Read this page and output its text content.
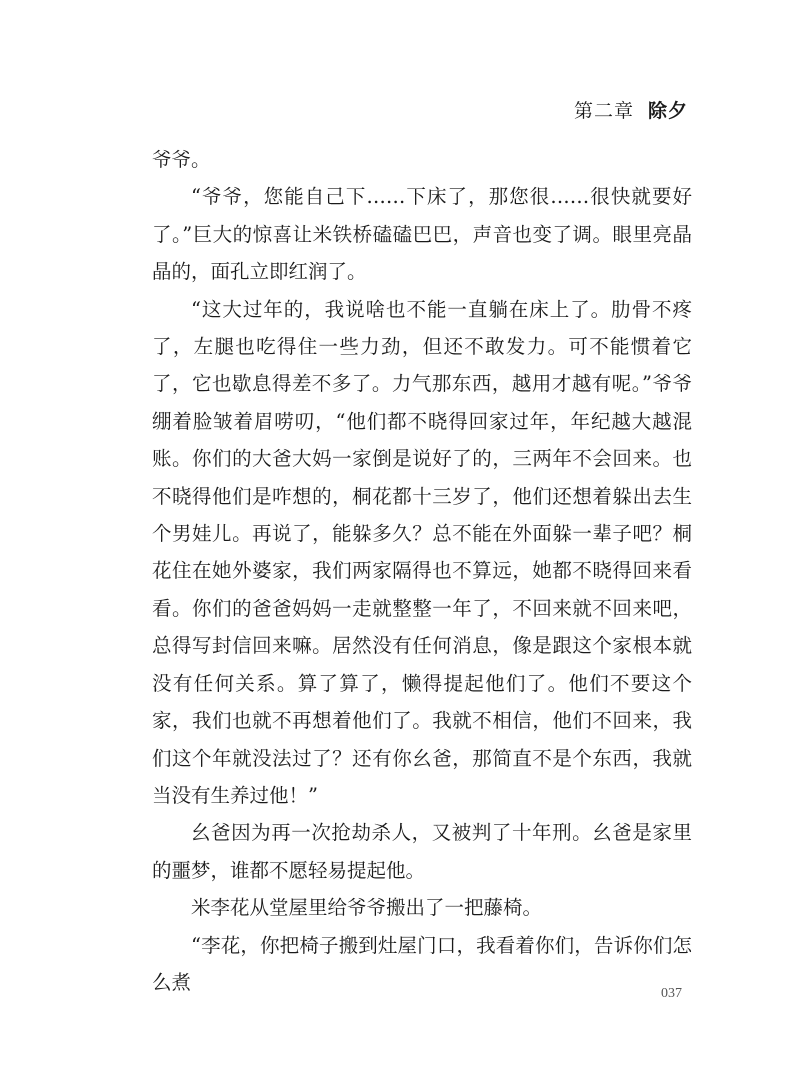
第二章 除夕

爷爷。

“爷爷，您能自己下……下床了，那您很……很快就要好了。”巨大的惊喜让米铁桥磕磕巴巴，声音也变了调。眼里亮晶晶的，面孔立即红润了。

“这大过年的，我说啥也不能一直躺在床上了。肋骨不疼了，左腿也吃得住一些力劲，但还不敢发力。可不能惯着它了，它也歇息得差不多了。力气那东西，越用才越有呢。”爷爷绷着脸皱着眉唠叨，“他们都不晓得回家过年，年纪越大越混账。你们的大爸大妈一家倒是说好了的，三两年不会回来。也不晓得他们是咋想的，桐花都十三岁了，他们还想着躲出去生个男娃儿。再说了，能躲多久？总不能在外面躲一辈子吧？桐花住在她外婆家，我们两家隔得也不算远，她都不晓得回来看看。你们的爸爸妈妈一走就整整一年了，不回来就不回来吧，总得写封信回来嘛。居然没有任何消息，像是跟这个家根本就没有任何关系。算了算了，懒得提起他们了。他们不要这个家，我们也就不再想着他们了。我就不相信，他们不回来，我们这个年就没法过了？还有你幺爸，那简直不是个东西，我就当没有生养过他！”

幺爸因为再一次抢劫杀人，又被判了十年刑。幺爸是家里的噩梦，谁都不愿轻易提起他。

米李花从堂屋里给爷爷搬出了一把藤椅。

“李花，你把椅子搬到灶屋门口，我看着你们，告诉你们怎么煮	037
